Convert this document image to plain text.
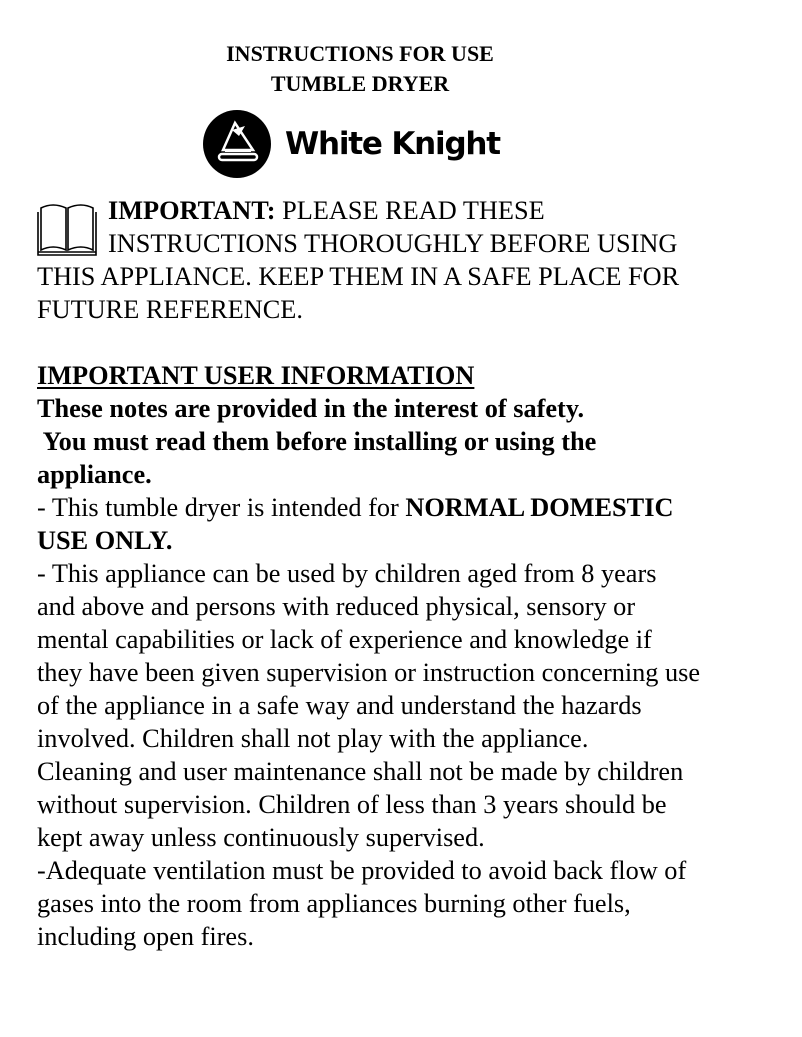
INSTRUCTIONS FOR USE
TUMBLE DRYER
White Knight
IMPORTANT: PLEASE READ THESE
INSTRUCTIONS THOROUGHLY BEFORE USING
THIS APPLIANCE. KEEP THEM IN A SAFE PLACE FOR
FUTURE REFERENCE.
IMPORTANT USER INFORMATION
These notes are provided in the interest of safety.
You must read them before installing or using the
appliance.
- This tumble dryer is intended for NORMAL DOMESTIC
USE ONLY.
- This appliance can be used by children aged from 8 years
and above and persons with reduced physical, sensory or
mental capabilities or lack of experience and knowledge if
they have been given supervision or instruction concerning use
of the appliance in a safe way and understand the hazards
involved. Children shall not play with the appliance.
Cleaning and user maintenance shall not be made by children
without supervision. Children of less than 3 years should be
kept away unless continuously supervised.
-Adequate ventilation must be provided to avoid back flow of
gases into the room from appliances burning other fuels,
including open fires.
